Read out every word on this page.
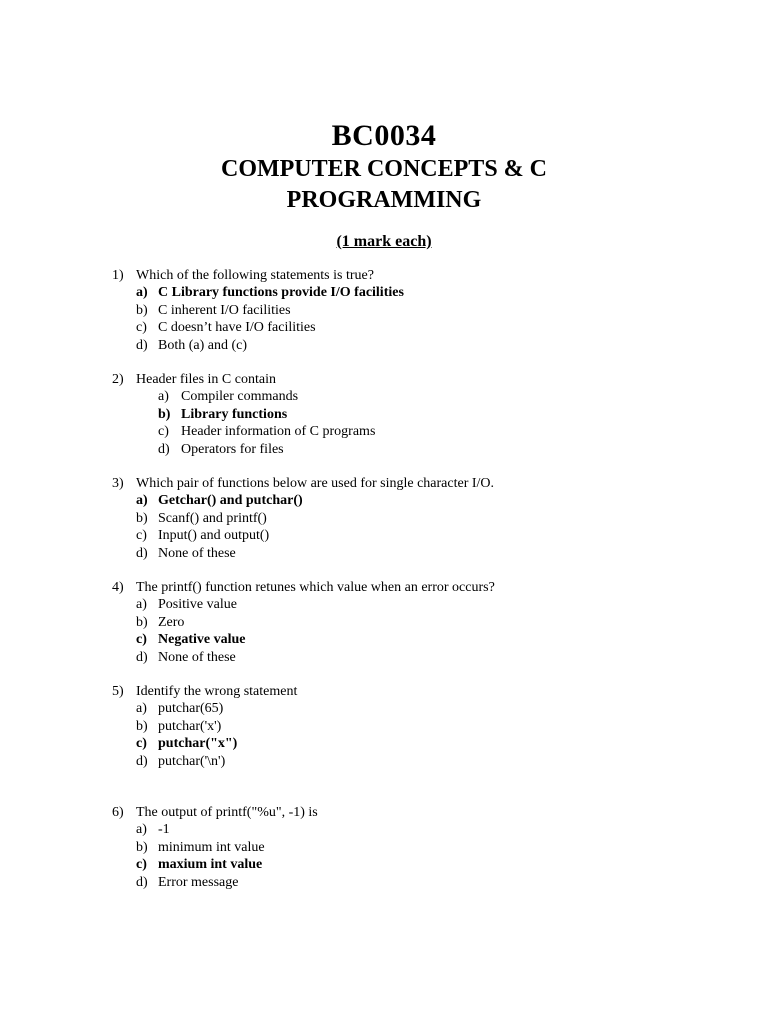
BC0034
COMPUTER CONCEPTS & C
PROGRAMMING
(1 mark each)
1) Which of the following statements is true?
a) C Library functions provide I/O facilities
b) C inherent I/O facilities
c) C doesn’t have I/O facilities
d) Both (a) and (c)
2) Header files in C contain
a) Compiler commands
b) Library functions
c) Header information of C programs
d) Operators for files
3) Which pair of functions below are used for single character I/O.
a) Getchar() and putchar()
b) Scanf() and printf()
c) Input() and output()
d) None of these
4) The printf() function retunes which value when an error occurs?
a) Positive value
b) Zero
c) Negative value
d) None of these
5) Identify the wrong statement
a) putchar(65)
b) putchar('x')
c) putchar("x")
d) putchar('\n')
6) The output of printf("%u", -1) is
a) -1
b) minimum int value
c) maxium int value
d) Error message
